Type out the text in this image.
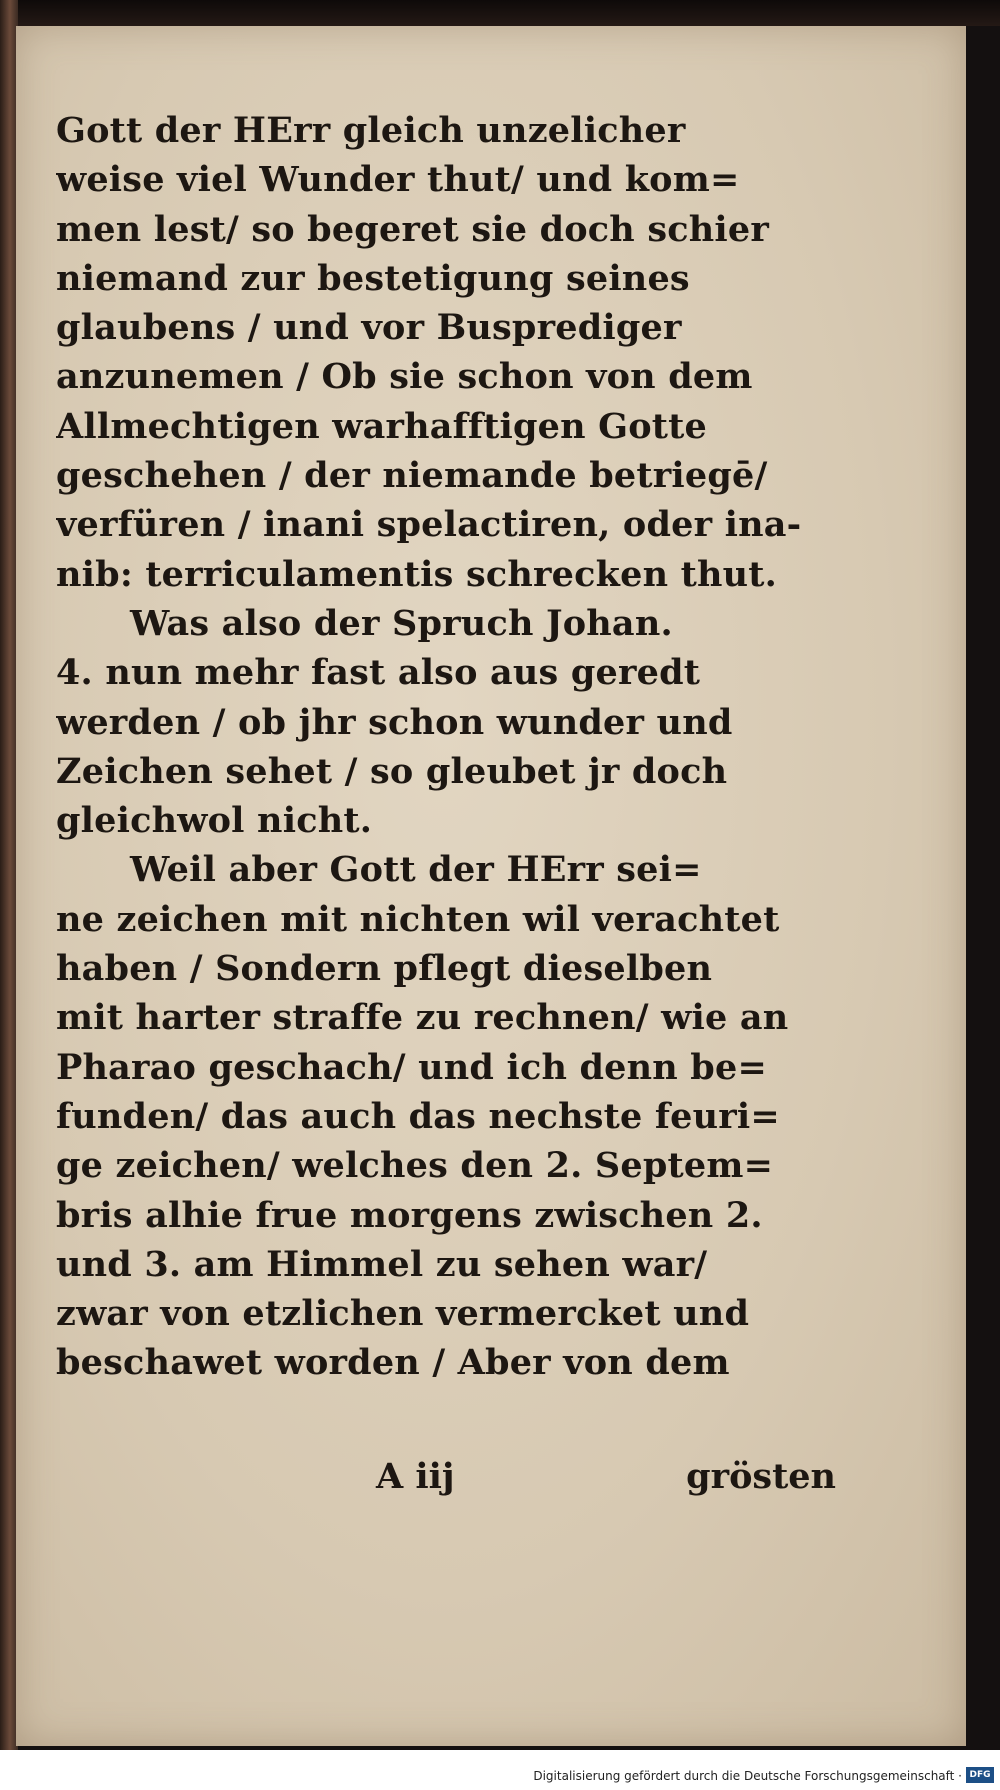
Gott der HErr gleich unzelicher
weise viel Wunder thut/ und kom=
men lest/ so begeret sie doch schier
niemand zur bestetigung seines
glaubens / und vor Busprediger
anzunemen / Ob sie schon von dem
Allmechtigen warhafftigen Gotte
geschehen / der niemande betriegē/
verfüren / inani spelactiren, oder ina-
nib: terriculamentis schrecken thut.
Was also der Spruch Johan.
4. nun mehr fast also aus geredt
werden / ob jhr schon wunder und
Zeichen sehet / so gleubet jr doch
gleichwol nicht.
Weil aber Gott der HErr sei=
ne zeichen mit nichten wil verachtet
haben / Sondern pflegt dieselben
mit harter straffe zu rechnen/ wie an
Pharao geschach/ und ich denn be=
funden/ das auch das nechste feuri=
ge zeichen/ welches den 2. Septem=
bris alhie frue morgens zwischen 2.
und 3. am Himmel zu sehen war/
zwar von etzlichen vermercket und
beschawet worden / Aber von dem
A iij	grösten
Digitalisierung gefördert durch die Deutsche Forschungsgemeinschaft · DFG
